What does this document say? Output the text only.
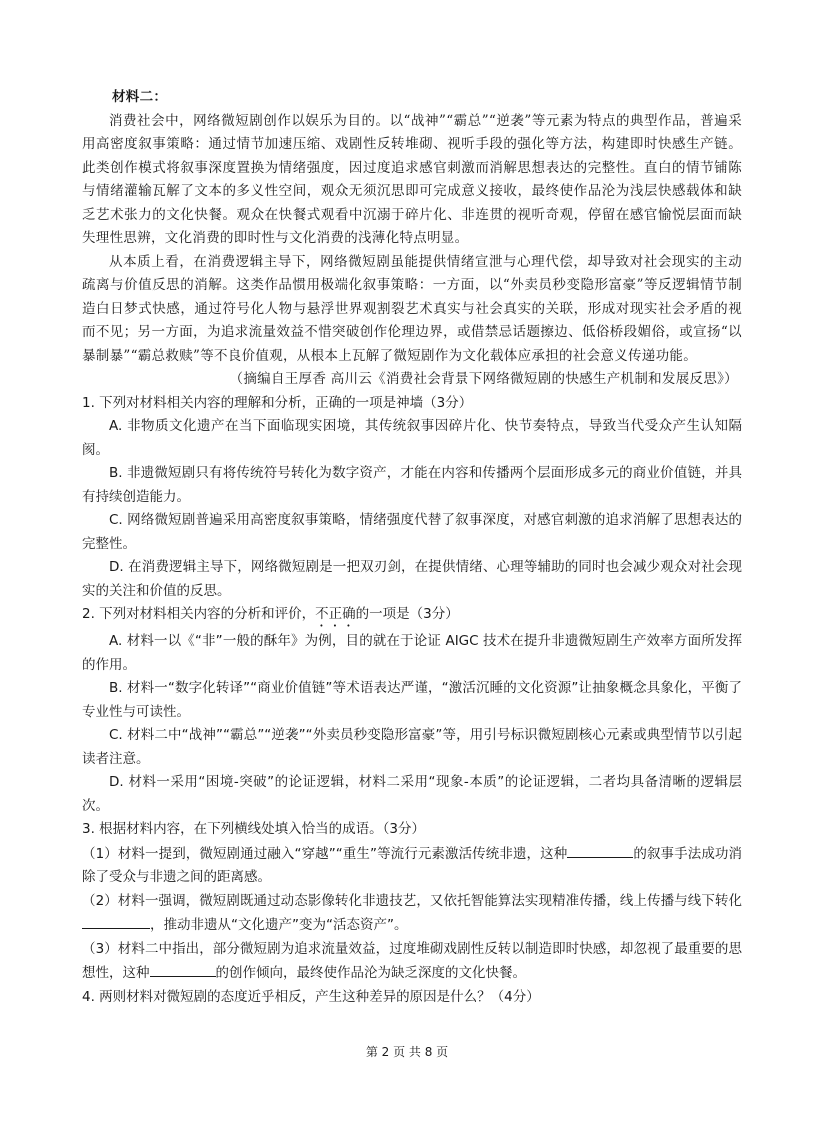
材料二：

消费社会中，网络微短剧创作以娱乐为目的。以“战神”“霸总”“逆袭”等元素为特点的典型作品，普遍采用高密度叙事策略：通过情节加速压缩、戏剧性反转堆砌、视听手段的强化等方法，构建即时快感生产链。此类创作模式将叙事深度置换为情绪强度，因过度追求感官刺激而消解思想表达的完整性。直白的情节铺陈与情绪灌输瓦解了文本的多义性空间，观众无须沉思即可完成意义接收，最终使作品沦为浅层快感载体和缺乏艺术张力的文化快餐。观众在快餐式观看中沉溺于碎片化、非连贯的视听奇观，停留在感官愉悦层面而缺失理性思辨，文化消费的即时性与文化消费的浅薄化特点明显。

从本质上看，在消费逻辑主导下，网络微短剧虽能提供情绪宣泄与心理代偿，却导致对社会现实的主动疏离与价值反思的消解。这类作品惯用极端化叙事策略：一方面，以“外卖员秒变隐形富豪”等反逻辑情节制造白日梦式快感，通过符号化人物与悬浮世界观割裂艺术真实与社会真实的关联，形成对现实社会矛盾的视而不见；另一方面，为追求流量效益不惜突破创作伦理边界，或借禁忌话题擦边、低俗桥段媚俗，或宣扬“以暴制暴”“霸总救赎”等不良价值观，从根本上瓦解了微短剧作为文化载体应承担的社会意义传递功能。

（摘编自王厚香 高川云《消费社会背景下网络微短剧的快感生产机制和发展反思》）

1. 下列对材料相关内容的理解和分析，正确的一项是神墙（3分）

A. 非物质文化遗产在当下面临现实困境，其传统叙事因碎片化、快节奏特点，导致当代受众产生认知隔阂。

B. 非遗微短剧只有将传统符号转化为数字资产，才能在内容和传播两个层面形成多元的商业价值链，并具有持续创造能力。

C. 网络微短剧普遍采用高密度叙事策略，情绪强度代替了叙事深度，对感官刺激的追求消解了思想表达的完整性。

D. 在消费逻辑主导下，网络微短剧是一把双刃剑，在提供情绪、心理等辅助的同时也会减少观众对社会现实的关注和价值的反思。

2. 下列对材料相关内容的分析和评价，不正确的一项是（3分）

A. 材料一以《“非”一般的酥年》为例，目的就在于论证 AIGC 技术在提升非遗微短剧生产效率方面所发挥的作用。

B. 材料一“数字化转译”“商业价值链”等术语表达严谨，“激活沉睡的文化资源”让抽象概念具象化，平衡了专业性与可读性。

C. 材料二中“战神”“霸总”“逆袭”“外卖员秒变隐形富豪”等，用引号标识微短剧核心元素或典型情节以引起读者注意。

D. 材料一采用“困境-突破”的论证逻辑，材料二采用“现象-本质”的论证逻辑，二者均具备清晰的逻辑层次。

3. 根据材料内容，在下列横线处填入恰当的成语。（3分）

（1）材料一提到，微短剧通过融入“穿越”“重生”等流行元素激活传统非遗，这种	的叙事手法成功消除了受众与非遗之间的距离感。

（2）材料一强调，微短剧既通过动态影像转化非遗技艺，又依托智能算法实现精准传播，线上传播与线下转化，推动非遗从“文化遗产”变为“活态资产”。

（3）材料二中指出，部分微短剧为追求流量效益，过度堆砌戏剧性反转以制造即时快感，却忽视了最重要的思想性，这种	的创作倾向，最终使作品沦为缺乏深度的文化快餐。

4. 两则材料对微短剧的态度近乎相反，产生这种差异的原因是什么？（4分）

第 2 页 共 8 页
